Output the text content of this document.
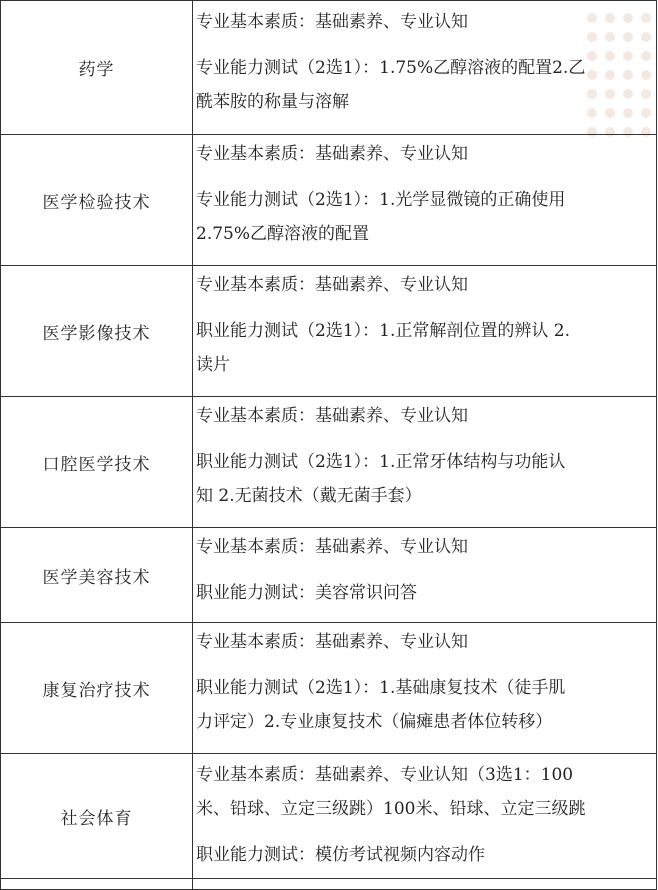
药学	专业基本素质：基础素养、专业认知
专业能力测试（2选1）：1.75%乙醇溶液的配置2.乙
酰苯胺的称量与溶解

医学检验技术	专业基本素质：基础素养、专业认知
专业能力测试（2选1）：1.光学显微镜的正确使用
2.75%乙醇溶液的配置

医学影像技术	专业基本素质：基础素养、专业认知
职业能力测试（2选1）：1.正常解剖位置的辨认 2.
读片

口腔医学技术	专业基本素质：基础素养、专业认知
职业能力测试（2选1）：1.正常牙体结构与功能认
知 2.无菌技术（戴无菌手套）

医学美容技术	专业基本素质：基础素养、专业认知
职业能力测试：美容常识问答

康复治疗技术	专业基本素质：基础素养、专业认知
职业能力测试（2选1）：1.基础康复技术（徒手肌
力评定）2.专业康复技术（偏瘫患者体位转移）

社会体育	专业基本素质：基础素养、专业认知（3选1：100
米、铅球、立定三级跳）100米、铅球、立定三级跳
职业能力测试：模仿考试视频内容动作
